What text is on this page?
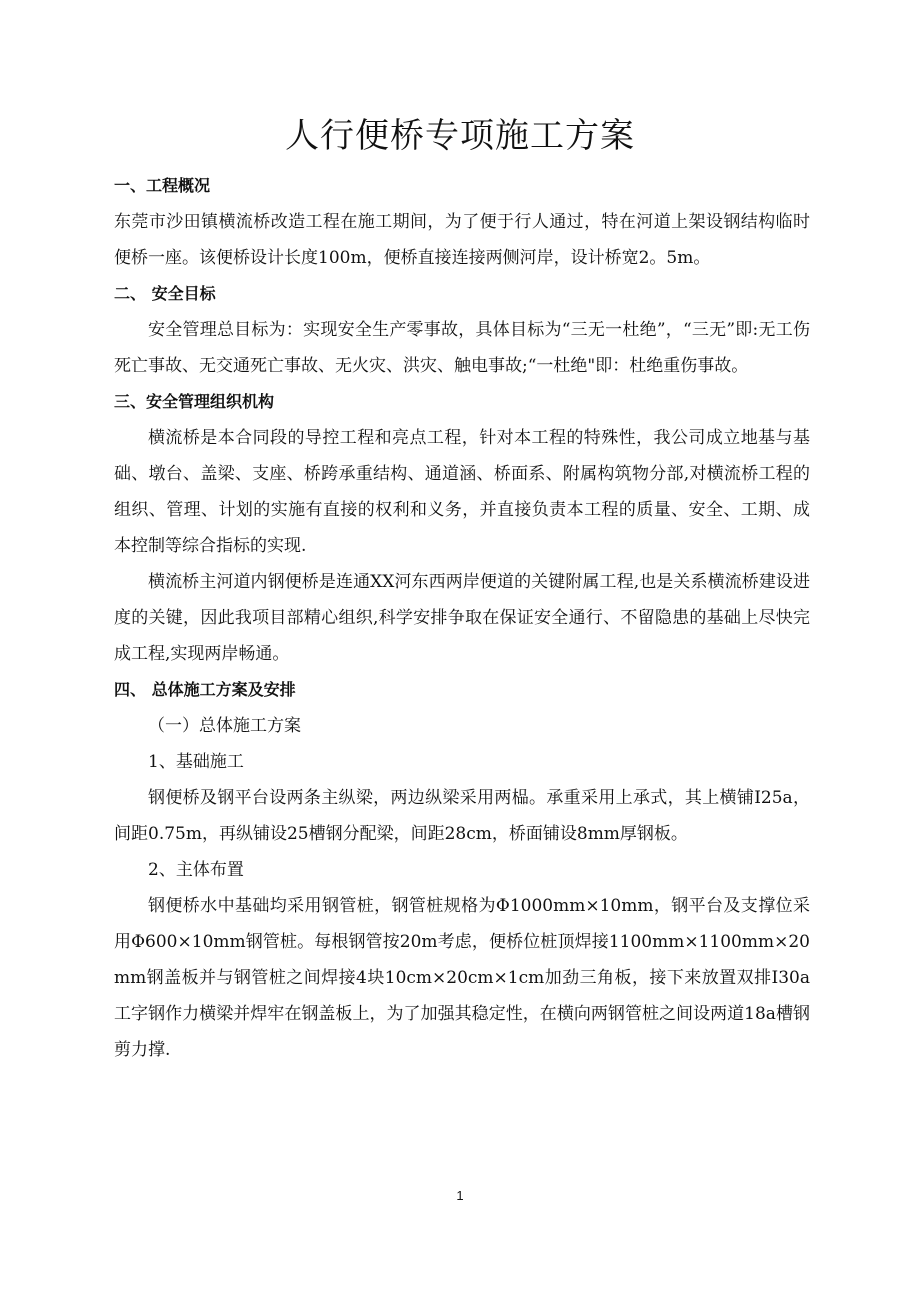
人行便桥专项施工方案

一、工程概况

东莞市沙田镇横流桥改造工程在施工期间，为了便于行人通过，特在河道上架设钢结构临时便桥一座。该便桥设计长度100m，便桥直接连接两侧河岸，设计桥宽2。5m。

二、 安全目标

安全管理总目标为：实现安全生产零事故，具体目标为“三无一杜绝”，“三无”即:无工伤死亡事故、无交通死亡事故、无火灾、洪灾、触电事故;“一杜绝"即：杜绝重伤事故。

三、安全管理组织机构

横流桥是本合同段的导控工程和亮点工程，针对本工程的特殊性，我公司成立地基与基础、墩台、盖梁、支座、桥跨承重结构、通道涵、桥面系、附属构筑物分部,对横流桥工程的组织、管理、计划的实施有直接的权利和义务，并直接负责本工程的质量、安全、工期、成本控制等综合指标的实现.

横流桥主河道内钢便桥是连通XX河东西两岸便道的关键附属工程,也是关系横流桥建设进度的关键，因此我项目部精心组织,科学安排争取在保证安全通行、不留隐患的基础上尽快完成工程,实现两岸畅通。

四、 总体施工方案及安排

（一）总体施工方案

1、基础施工

钢便桥及钢平台设两条主纵梁，两边纵梁采用两榀。承重采用上承式，其上横铺I25a，间距0.75m，再纵铺设25槽钢分配梁，间距28cm，桥面铺设8mm厚钢板。

2、主体布置

钢便桥水中基础均采用钢管桩，钢管桩规格为Φ1000mm×10mm，钢平台及支撑位采用Φ600×10mm钢管桩。每根钢管按20m考虑，便桥位桩顶焊接1100mm×1100mm×20mm钢盖板并与钢管桩之间焊接4块10cm×20cm×1cm加劲三角板，接下来放置双排I30a工字钢作力横梁并焊牢在钢盖板上，为了加强其稳定性，在横向两钢管桩之间设两道18a槽钢剪力撑.

1
